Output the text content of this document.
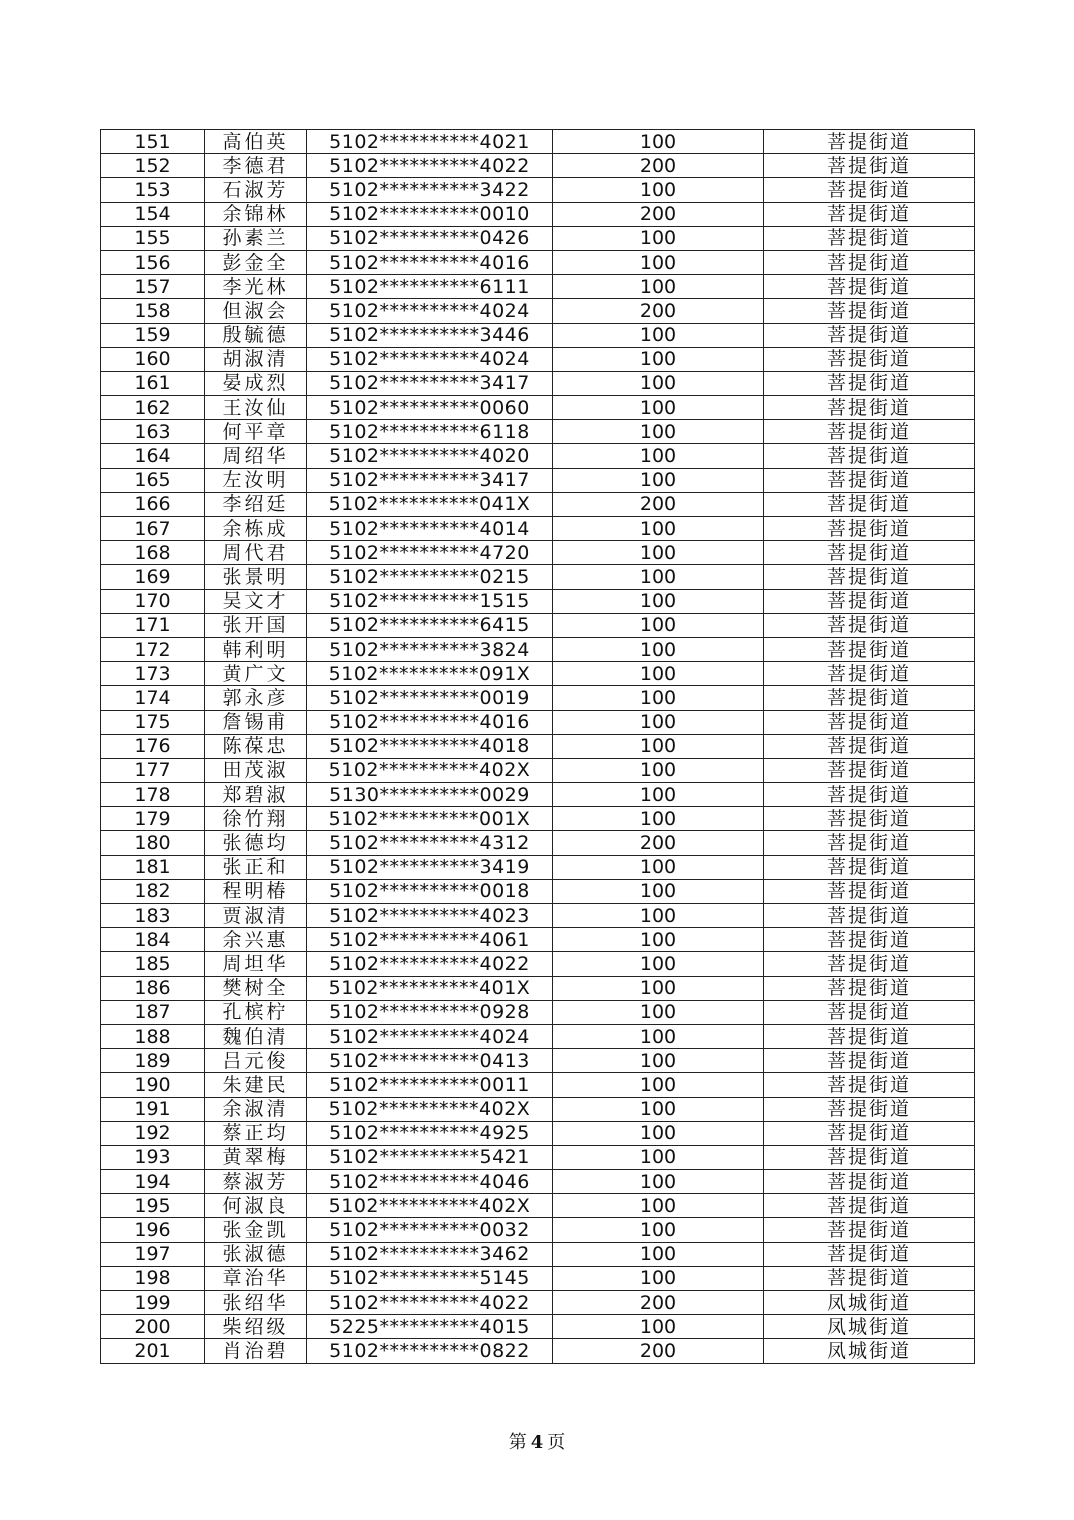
151	高伯英	5102**********4021	100	菩提街道
152	李德君	5102**********4022	200	菩提街道
153	石淑芳	5102**********3422	100	菩提街道
154	余锦林	5102**********0010	200	菩提街道
155	孙素兰	5102**********0426	100	菩提街道
156	彭金全	5102**********4016	100	菩提街道
157	李光林	5102**********6111	100	菩提街道
158	但淑会	5102**********4024	200	菩提街道
159	殷毓德	5102**********3446	100	菩提街道
160	胡淑清	5102**********4024	100	菩提街道
161	晏成烈	5102**********3417	100	菩提街道
162	王汝仙	5102**********0060	100	菩提街道
163	何平章	5102**********6118	100	菩提街道
164	周绍华	5102**********4020	100	菩提街道
165	左汝明	5102**********3417	100	菩提街道
166	李绍廷	5102**********041X	200	菩提街道
167	余栋成	5102**********4014	100	菩提街道
168	周代君	5102**********4720	100	菩提街道
169	张景明	5102**********0215	100	菩提街道
170	吴文才	5102**********1515	100	菩提街道
171	张开国	5102**********6415	100	菩提街道
172	韩利明	5102**********3824	100	菩提街道
173	黄广文	5102**********091X	100	菩提街道
174	郭永彦	5102**********0019	100	菩提街道
175	詹锡甫	5102**********4016	100	菩提街道
176	陈葆忠	5102**********4018	100	菩提街道
177	田茂淑	5102**********402X	100	菩提街道
178	郑碧淑	5130**********0029	100	菩提街道
179	徐竹翔	5102**********001X	100	菩提街道
180	张德均	5102**********4312	200	菩提街道
181	张正和	5102**********3419	100	菩提街道
182	程明椿	5102**********0018	100	菩提街道
183	贾淑清	5102**********4023	100	菩提街道
184	余兴惠	5102**********4061	100	菩提街道
185	周坦华	5102**********4022	100	菩提街道
186	樊树全	5102**********401X	100	菩提街道
187	孔槟柠	5102**********0928	100	菩提街道
188	魏伯清	5102**********4024	100	菩提街道
189	吕元俊	5102**********0413	100	菩提街道
190	朱建民	5102**********0011	100	菩提街道
191	余淑清	5102**********402X	100	菩提街道
192	蔡正均	5102**********4925	100	菩提街道
193	黄翠梅	5102**********5421	100	菩提街道
194	蔡淑芳	5102**********4046	100	菩提街道
195	何淑良	5102**********402X	100	菩提街道
196	张金凯	5102**********0032	100	菩提街道
197	张淑德	5102**********3462	100	菩提街道
198	章治华	5102**********5145	100	菩提街道
199	张绍华	5102**********4022	200	凤城街道
200	柴绍级	5225**********4015	100	凤城街道
201	肖治碧	5102**********0822	200	凤城街道
第 4 页
